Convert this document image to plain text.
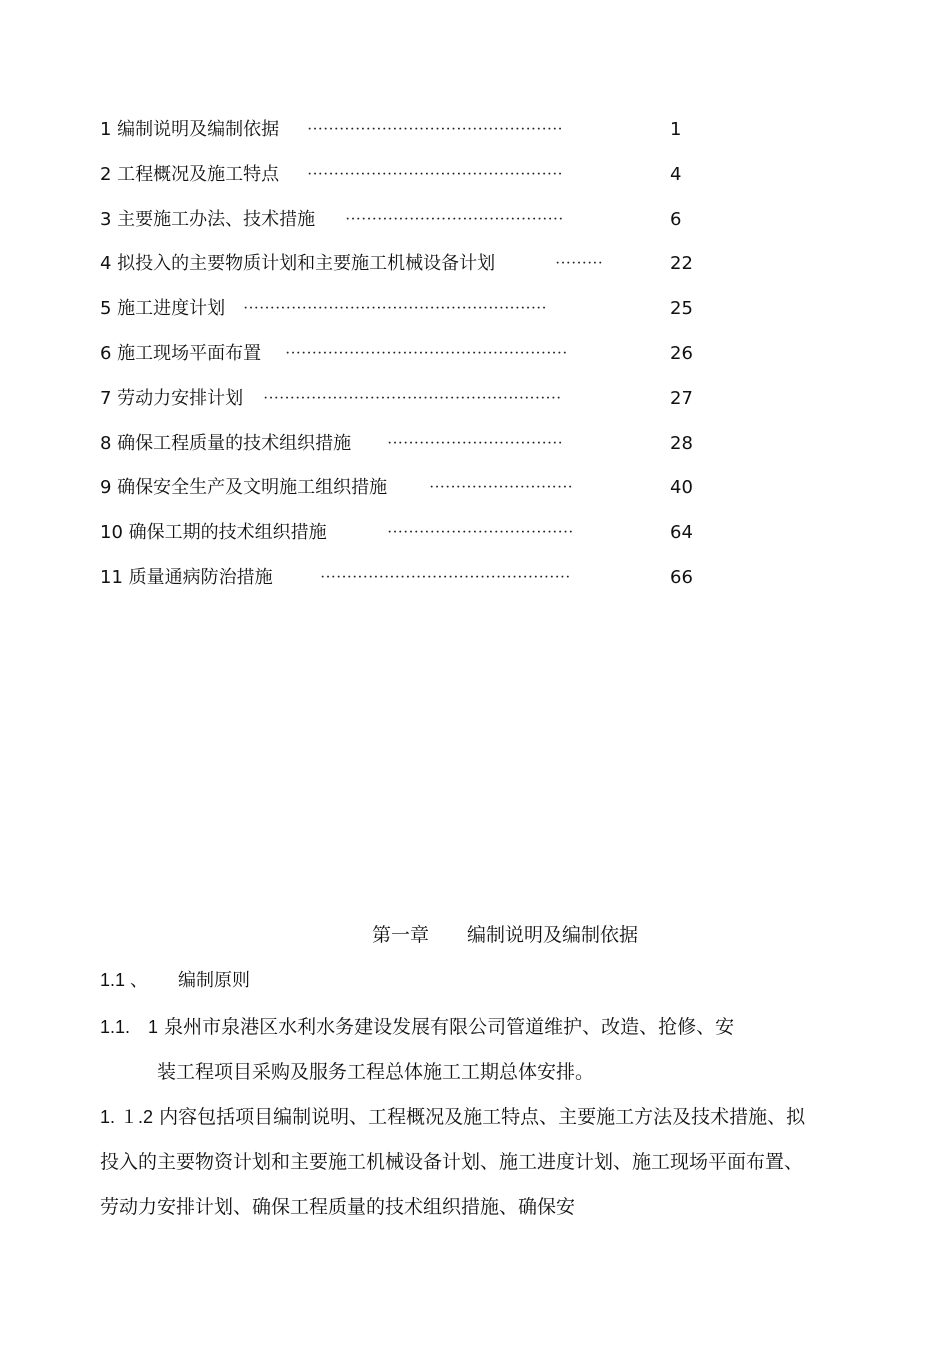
1 编制说明及编制依据 ················································	1
2 工程概况及施工特点 ················································	4
3 主要施工办法、技术措施 ·········································	6
4 拟投入的主要物质计划和主要施工机械设备计划	·········	22
5 施工进度计划 ·························································	25
6 施工现场平面布置 ·····················································	26
7 劳动力安排计划 ························································	27
8 确保工程质量的技术组织措施 ·································	28
9 确保安全生产及文明施工组织措施	···························	40
10 确保工期的技术组织措施	···································	64
11 质量通病防治措施	···············································	66
第一章 编制说明及编制依据
1.1 、 编制原则
1.1.　1 泉州市泉港区水利水务建设发展有限公司管道维护、改造、抢修、安
装工程项目采购及服务工程总体施工工期总体安排。
1. １.2 内容包括项目编制说明、工程概况及施工特点、主要施工方法及技术措施、拟投入的主要物资计划和主要施工机械设备计划、施工进度计划、施工现场平面布置、劳动力安排计划、确保工程质量的技术组织措施、确保安
